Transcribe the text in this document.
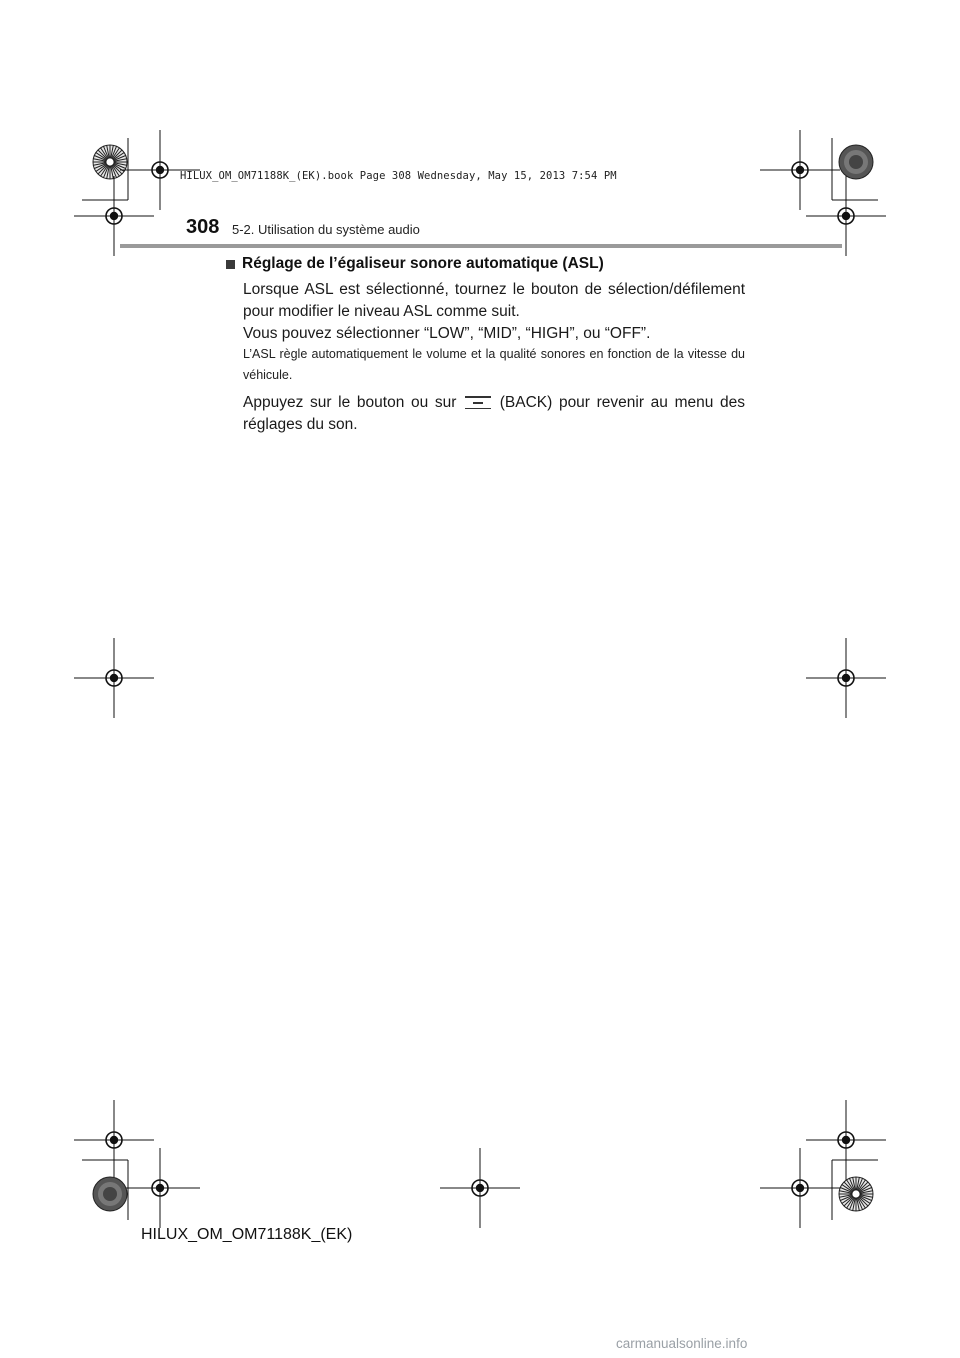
HILUX_OM_OM71188K_(EK).book Page 308 Wednesday, May 15, 2013 7:54 PM
308 5-2. Utilisation du système audio
Réglage de l’égaliseur sonore automatique (ASL)
Lorsque ASL est sélectionné, tournez le bouton de sélection/défilement pour modifier le niveau ASL comme suit.
Vous pouvez sélectionner “LOW”, “MID”, “HIGH”, ou “OFF”.
L’ASL règle automatiquement le volume et la qualité sonores en fonction de la vitesse du véhicule.
Appuyez sur le bouton ou sur	(BACK) pour revenir au menu des réglages du son.
HILUX_OM_OM71188K_(EK)
carmanualsonline.info
